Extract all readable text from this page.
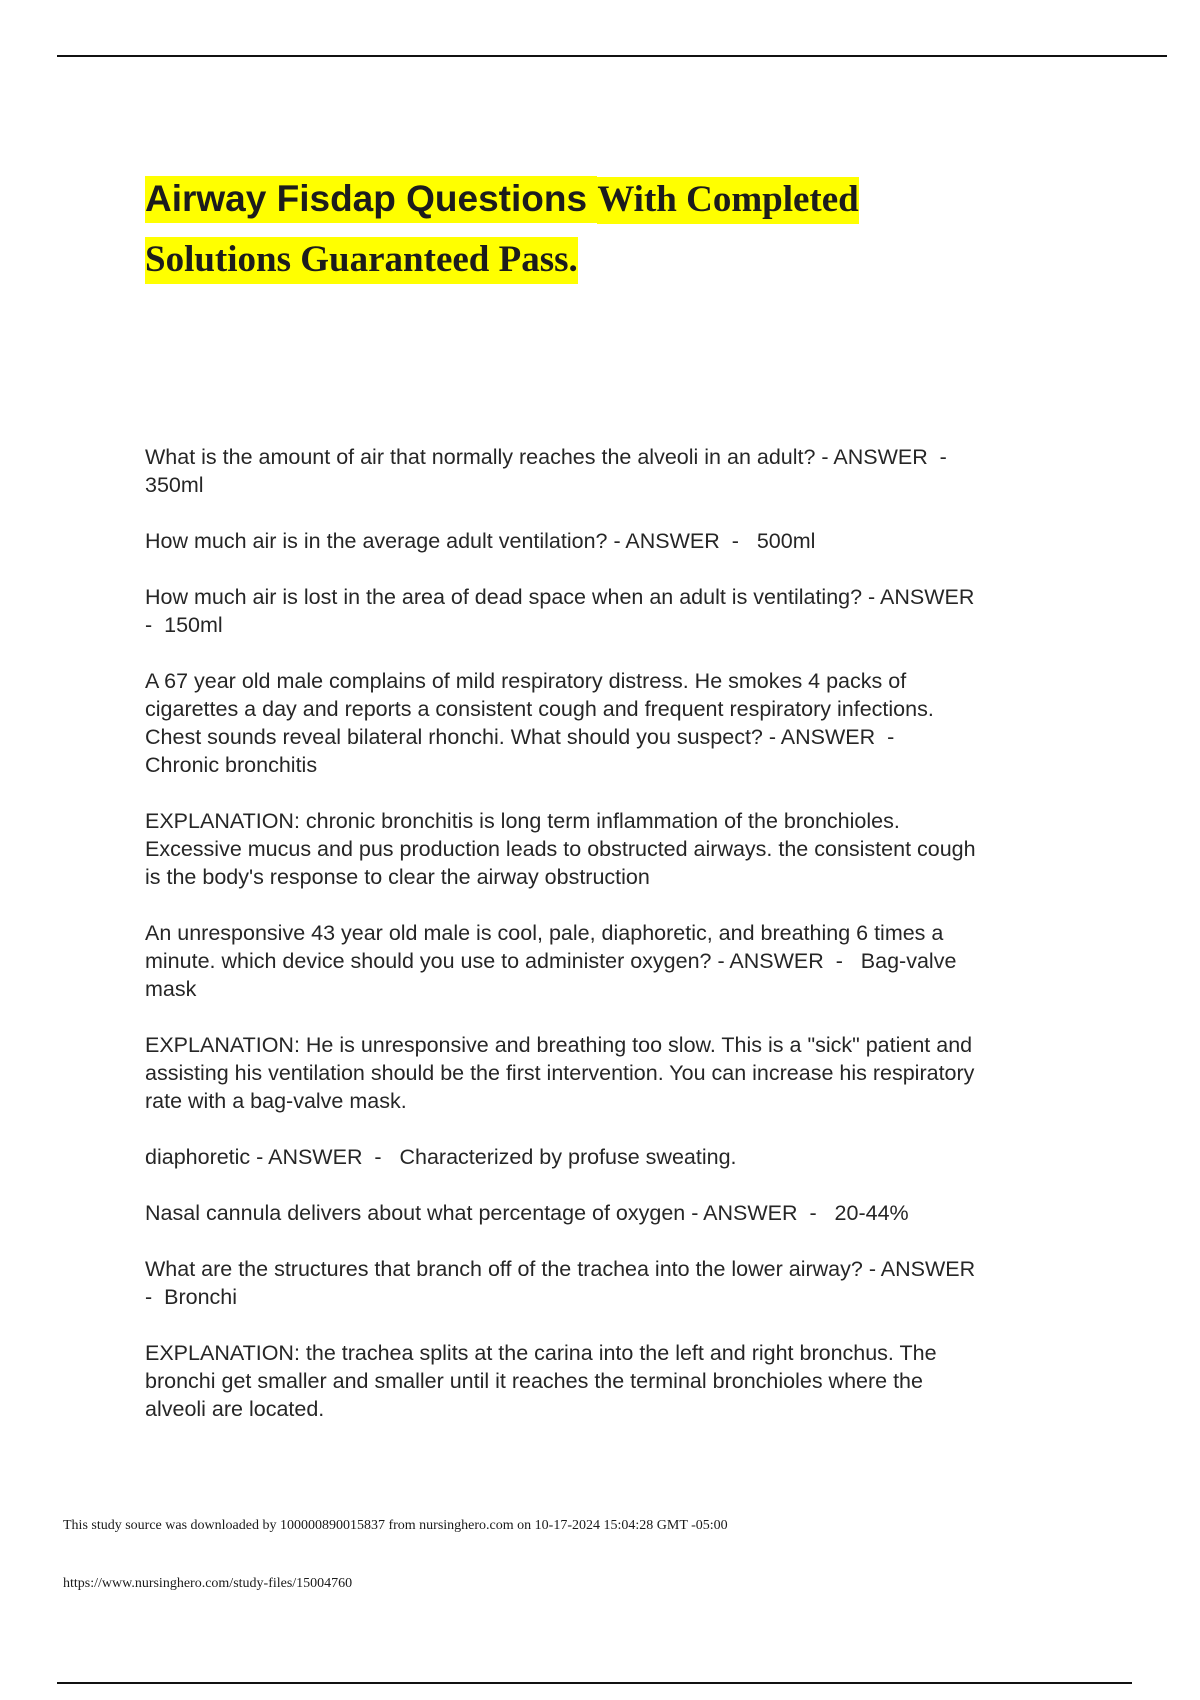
Airway Fisdap Questions With Completed
Solutions Guaranteed Pass.

What is the amount of air that normally reaches the alveoli in an adult? - ANSWER  -
350ml

How much air is in the average adult ventilation? - ANSWER  -   500ml

How much air is lost in the area of dead space when an adult is ventilating? - ANSWER
-  150ml

A 67 year old male complains of mild respiratory distress. He smokes 4 packs of
cigarettes a day and reports a consistent cough and frequent respiratory infections.
Chest sounds reveal bilateral rhonchi. What should you suspect? - ANSWER  -
Chronic bronchitis

EXPLANATION: chronic bronchitis is long term inflammation of the bronchioles.
Excessive mucus and pus production leads to obstructed airways. the consistent cough
is the body's response to clear the airway obstruction

An unresponsive 43 year old male is cool, pale, diaphoretic, and breathing 6 times a
minute. which device should you use to administer oxygen? - ANSWER  -   Bag-valve
mask

EXPLANATION: He is unresponsive and breathing too slow. This is a "sick" patient and
assisting his ventilation should be the first intervention. You can increase his respiratory
rate with a bag-valve mask.

diaphoretic - ANSWER  -   Characterized by profuse sweating.

Nasal cannula delivers about what percentage of oxygen - ANSWER  -   20-44%

What are the structures that branch off of the trachea into the lower airway? - ANSWER
-  Bronchi

EXPLANATION: the trachea splits at the carina into the left and right bronchus. The
bronchi get smaller and smaller until it reaches the terminal bronchioles where the
alveoli are located.

This study source was downloaded by 100000890015837 from nursinghero.com on 10-17-2024 15:04:28 GMT -05:00
https://www.nursinghero.com/study-files/15004760
